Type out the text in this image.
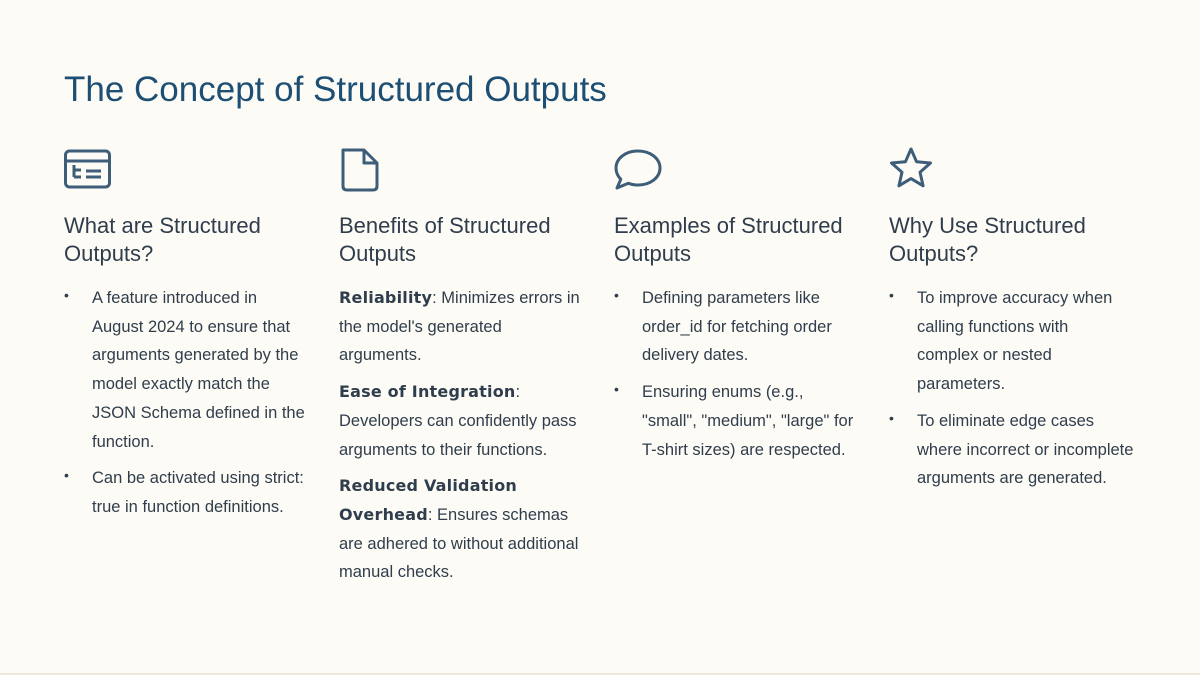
The Concept of Structured Outputs
What are Structured Outputs?
• A feature introduced in August 2024 to ensure that arguments generated by the model exactly match the JSON Schema defined in the function.
• Can be activated using strict: true in function definitions.
Benefits of Structured Outputs

Reliability: Minimizes errors in the model's generated arguments.

Ease of Integration: Developers can confidently pass arguments to their functions.

Reduced Validation Overhead: Ensures schemas are adhered to without additional manual checks.

Examples of Structured Outputs
• Defining parameters like order_id for fetching order delivery dates.
• Ensuring enums (e.g., "small", "medium", "large" for T-shirt sizes) are respected.
Why Use Structured Outputs?
• To improve accuracy when calling functions with complex or nested parameters.
• To eliminate edge cases where incorrect or incomplete arguments are generated.
